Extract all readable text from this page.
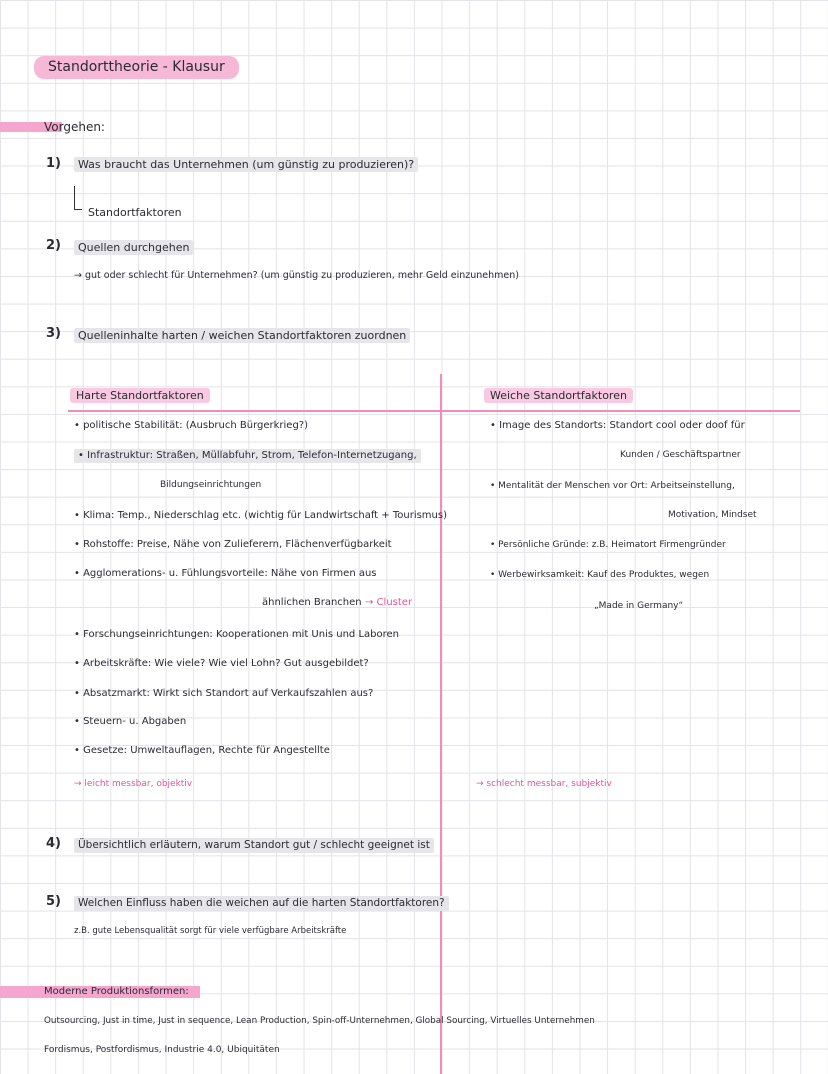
Standorttheorie - Klausur
Vorgehen:
1)	Was braucht das Unternehmen (um günstig zu produzieren)?
Standortfaktoren
2)	Quellen durchgehen
→ gut oder schlecht für Unternehmen? (um günstig zu produzieren, mehr Geld einzunehmen)
3)	Quelleninhalte harten / weichen Standortfaktoren zuordnen
Harte Standortfaktoren
• politische Stabilität: (Ausbruch Bürgerkrieg?)
• Infrastruktur: Straßen, Müllabfuhr, Strom, Telefon-Internetzugang,
Bildungseinrichtungen
• Klima: Temp., Niederschlag etc. (wichtig für Landwirtschaft + Tourismus)
• Rohstoffe: Preise, Nähe von Zulieferern, Flächenverfügbarkeit
• Agglomerations- u. Fühlungsvorteile: Nähe von Firmen aus
ähnlichen Branchen → Cluster
• Forschungseinrichtungen: Kooperationen mit Unis und Laboren
• Arbeitskräfte: Wie viele? Wie viel Lohn? Gut ausgebildet?
• Absatzmarkt: Wirkt sich Standort auf Verkaufszahlen aus?
• Steuern- u. Abgaben
• Gesetze: Umweltauflagen, Rechte für Angestellte
→ leicht messbar, objektiv
Weiche Standortfaktoren
• Image des Standorts: Standort cool oder doof für
Kunden / Geschäftspartner
• Mentalität der Menschen vor Ort: Arbeitseinstellung,
Motivation, Mindset
• Persönliche Gründe: z.B. Heimatort Firmengründer
• Werbewirksamkeit: Kauf des Produktes, wegen
„Made in Germany“
→ schlecht messbar, subjektiv
4)	Übersichtlich erläutern, warum Standort gut / schlecht geeignet ist
5)	Welchen Einfluss haben die weichen auf die harten Standortfaktoren?
z.B. gute Lebensqualität sorgt für viele verfügbare Arbeitskräfte
Moderne Produktionsformen:
Outsourcing, Just in time, Just in sequence, Lean Production, Spin-off-Unternehmen, Global Sourcing, Virtuelles Unternehmen
Fordismus, Postfordismus, Industrie 4.0, Ubiquitäten
